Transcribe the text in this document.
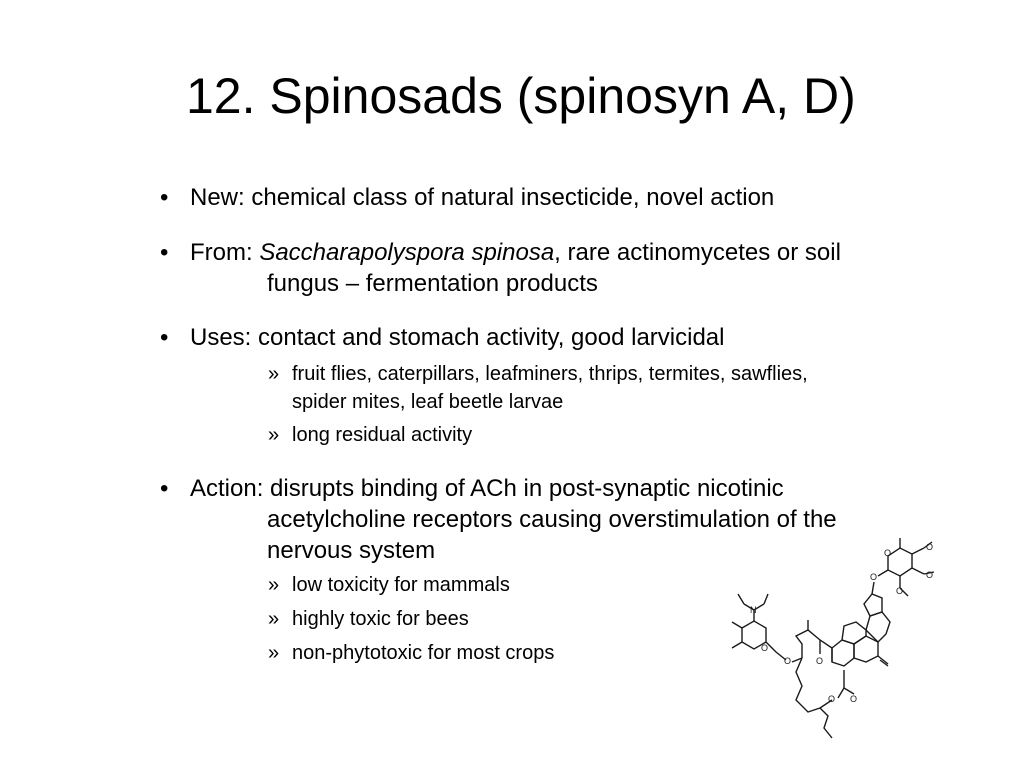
12. Spinosads (spinosyn A, D)
• New: chemical class of natural insecticide, novel action
• From: Saccharapolyspora spinosa, rare actinomycetes or soil
fungus – fermentation products
• Uses: contact and stomach activity, good larvicidal
» fruit flies, caterpillars, leafminers, thrips, termites, sawflies,
spider mites, leaf beetle larvae
» long residual activity
• Action: disrupts binding of ACh in post-synaptic nicotinic
acetylcholine receptors causing overstimulation of the
nervous system
» low toxicity for mammals
» highly toxic for bees
» non-phytotoxic for most crops
N
O
O	O
O O
O
O
O
O
O
